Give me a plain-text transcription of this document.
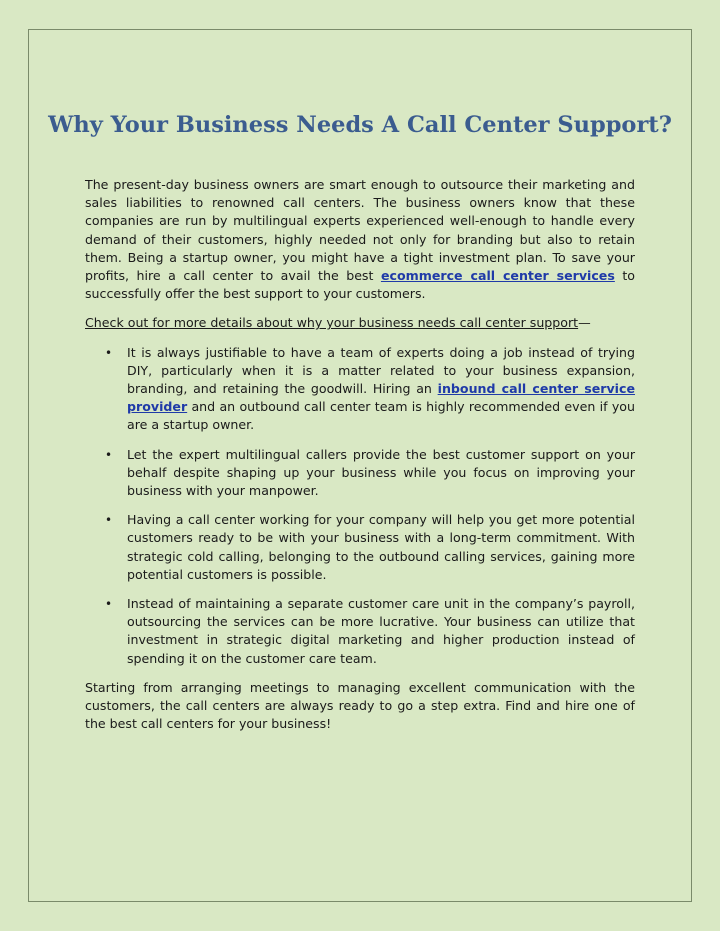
Why Your Business Needs A Call Center Support?

The present-day business owners are smart enough to outsource their marketing and sales liabilities to renowned call centers. The business owners know that these companies are run by multilingual experts experienced well-enough to handle every demand of their customers, highly needed not only for branding but also to retain them. Being a startup owner, you might have a tight investment plan. To save your profits, hire a call center to avail the best ecommerce call center services to successfully offer the best support to your customers.

Check out for more details about why your business needs call center support—

• It is always justifiable to have a team of experts doing a job instead of trying DIY, particularly when it is a matter related to your business expansion, branding, and retaining the goodwill. Hiring an inbound call center service provider and an outbound call center team is highly recommended even if you are a startup owner.
• Let the expert multilingual callers provide the best customer support on your behalf despite shaping up your business while you focus on improving your business with your manpower.
• Having a call center working for your company will help you get more potential customers ready to be with your business with a long-term commitment. With strategic cold calling, belonging to the outbound calling services, gaining more potential customers is possible.
• Instead of maintaining a separate customer care unit in the company’s payroll, outsourcing the services can be more lucrative. Your business can utilize that investment in strategic digital marketing and higher production instead of spending it on the customer care team.

Starting from arranging meetings to managing excellent communication with the customers, the call centers are always ready to go a step extra. Find and hire one of the best call centers for your business!
